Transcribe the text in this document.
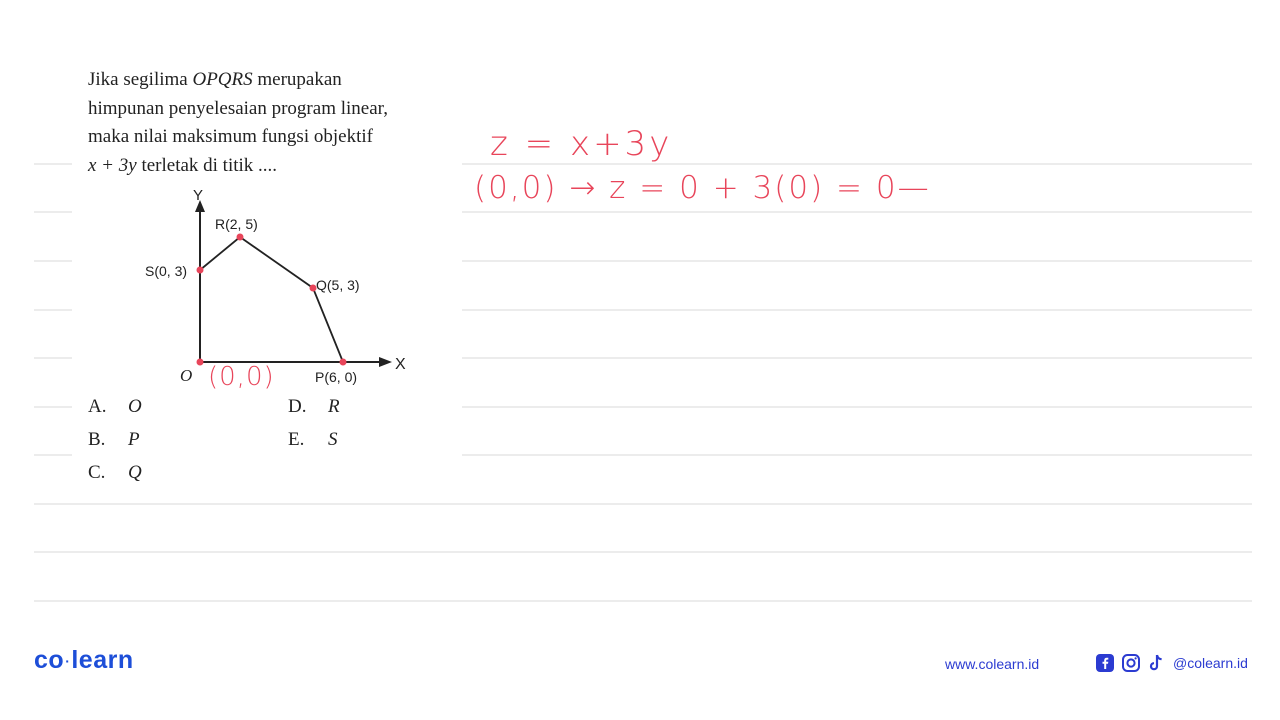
Jika segilima OPQRS merupakan
himpunan penyelesaian program linear,
maka nilai maksimum fungsi objektif
x + 3y terletak di titik ....
Y
X
O
R(2, 5)
S(0, 3)
Q(5, 3)
P(6, 0)
A. O
B. P
C. Q
D. R
E. S
z = x+3y
(0,0) → z = 0 + 3(0) = 0—
(0,0)
co·learn	www.colearn.id	@colearn.id
